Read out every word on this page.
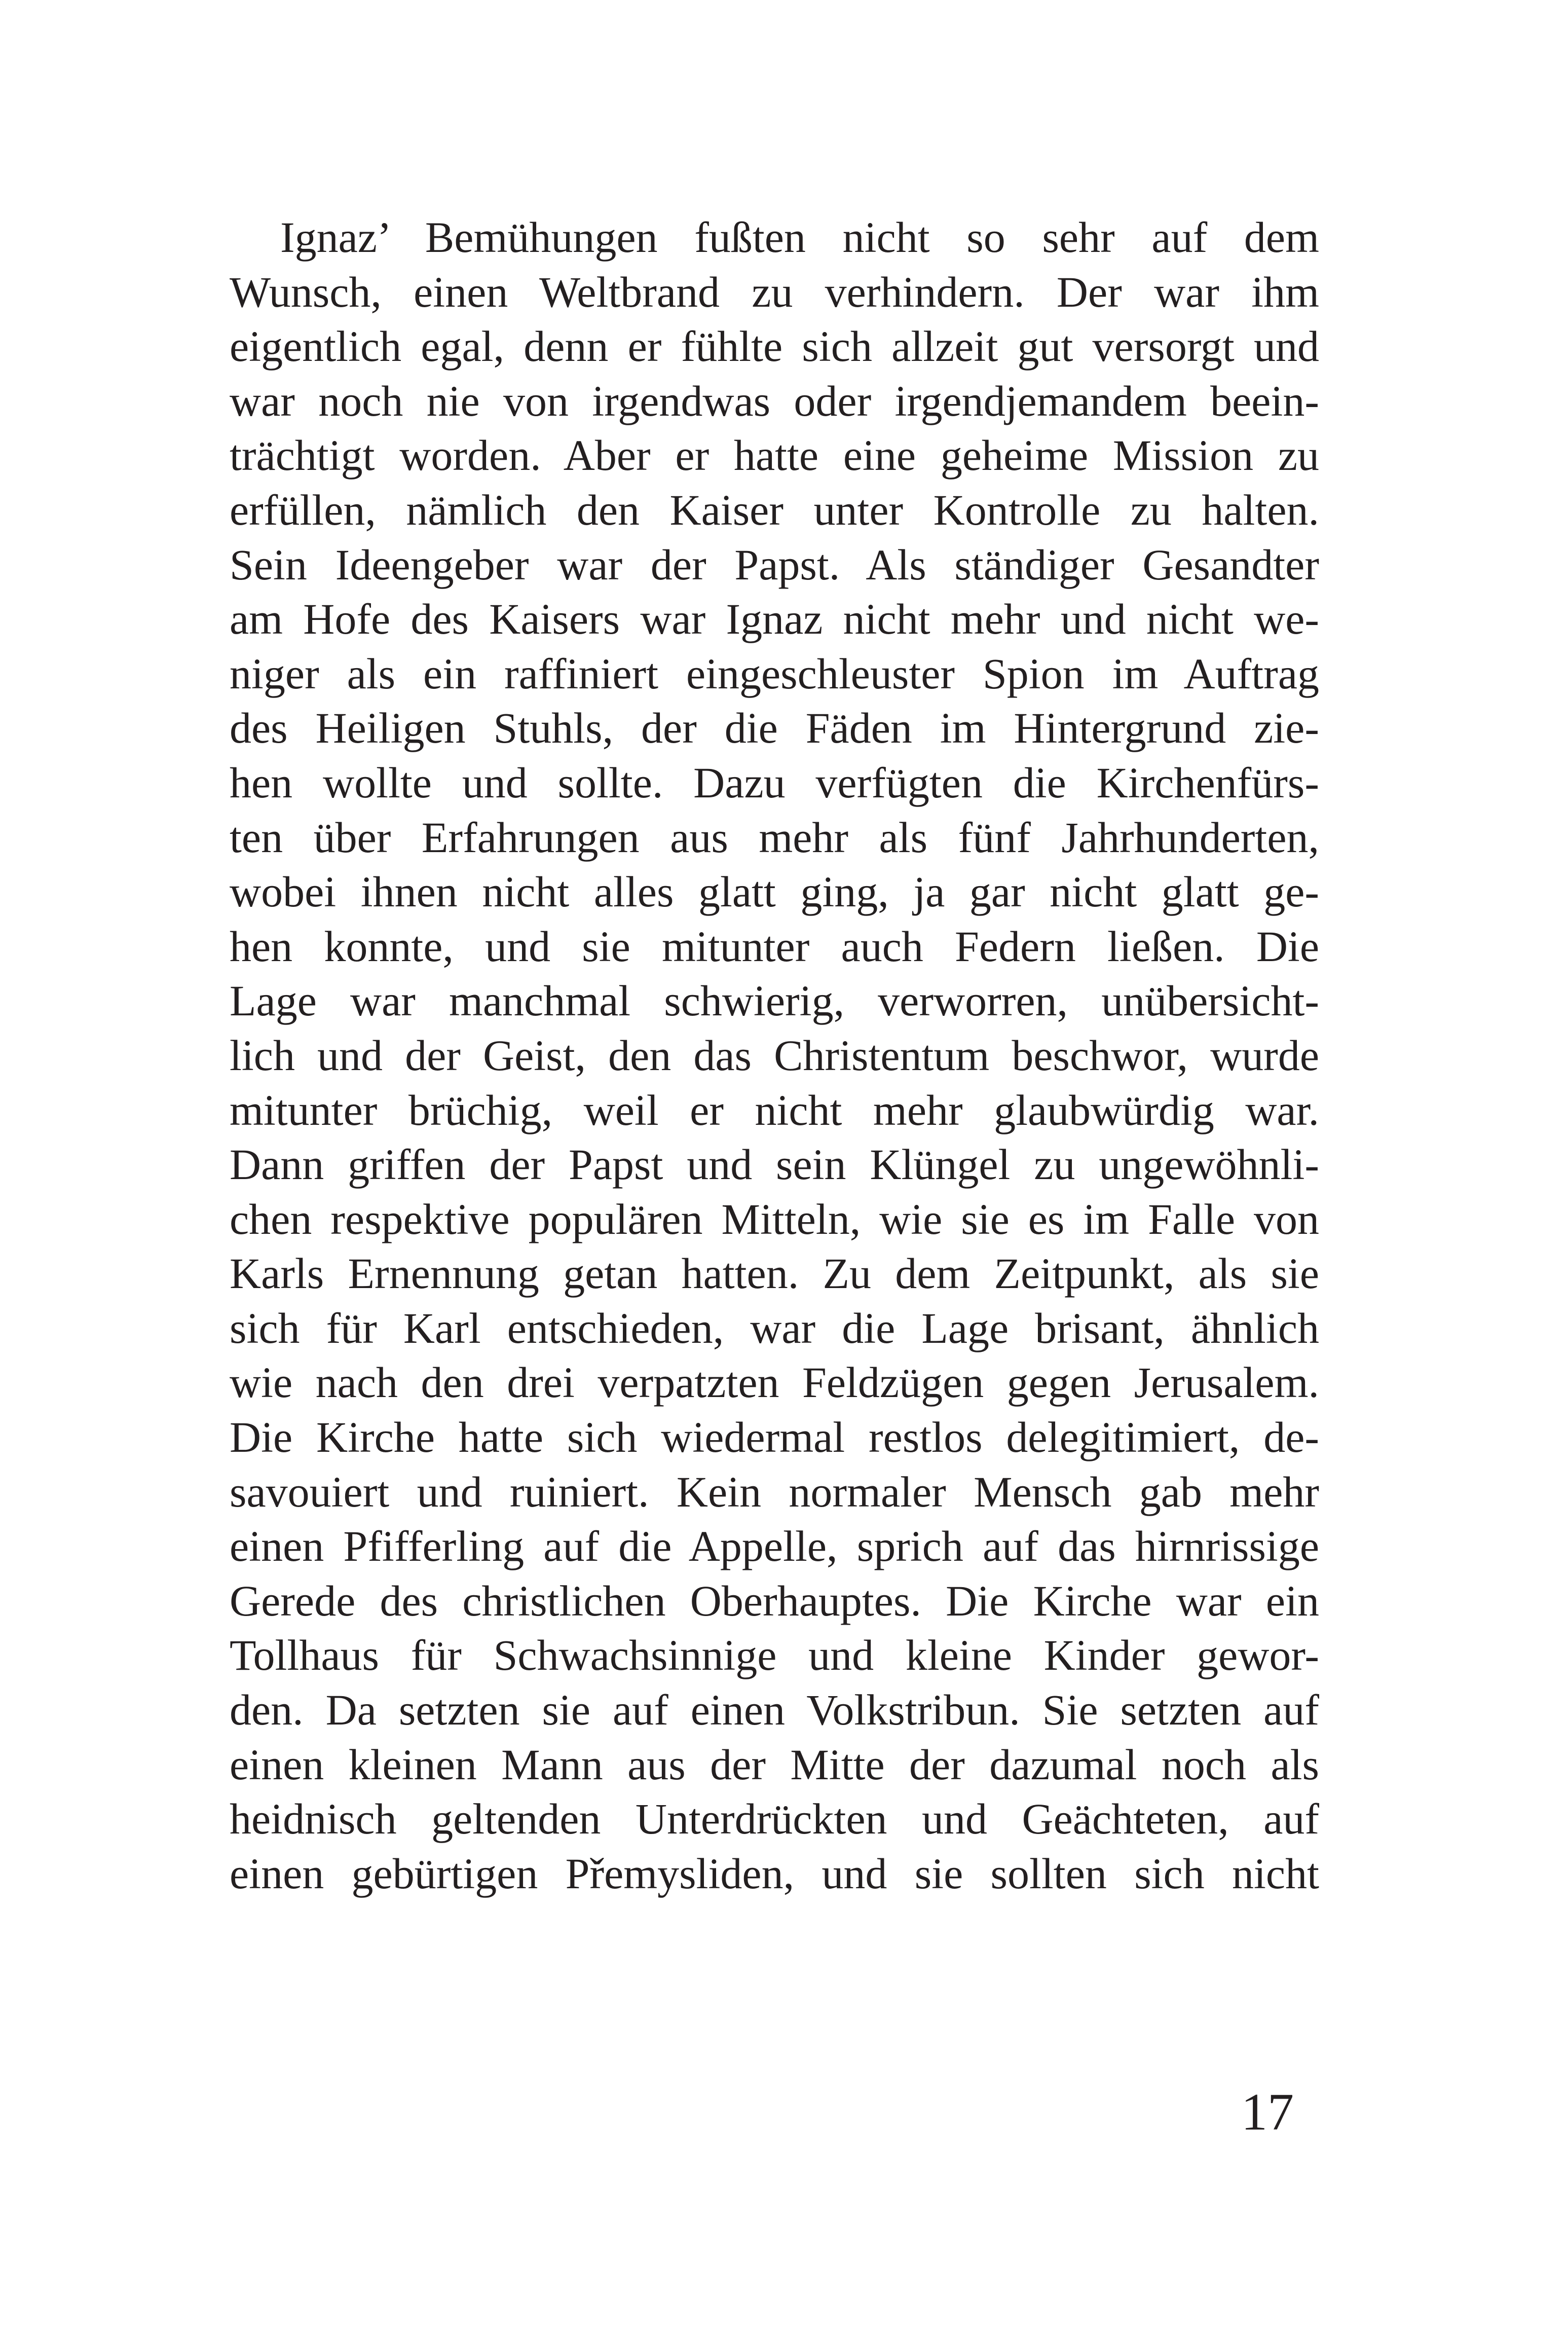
Ignaz’ Bemühungen fußten nicht so sehr auf dem
Wunsch, einen Weltbrand zu verhindern. Der war ihm
eigentlich egal, denn er fühlte sich allzeit gut versorgt und
war noch nie von irgendwas oder irgendjemandem beein-
trächtigt worden. Aber er hatte eine geheime Mission zu
erfüllen, nämlich den Kaiser unter Kontrolle zu halten.
Sein Ideengeber war der Papst. Als ständiger Gesandter
am Hofe des Kaisers war Ignaz nicht mehr und nicht we-
niger als ein raffiniert eingeschleuster Spion im Auftrag
des Heiligen Stuhls, der die Fäden im Hintergrund zie-
hen wollte und sollte. Dazu verfügten die Kirchenfürs-
ten über Erfahrungen aus mehr als fünf Jahrhunderten,
wobei ihnen nicht alles glatt ging, ja gar nicht glatt ge-
hen konnte, und sie mitunter auch Federn ließen. Die
Lage war manchmal schwierig, verworren, unübersicht-
lich und der Geist, den das Christentum beschwor, wurde
mitunter brüchig, weil er nicht mehr glaubwürdig war.
Dann griffen der Papst und sein Klüngel zu ungewöhnli-
chen respektive populären Mitteln, wie sie es im Falle von
Karls Ernennung getan hatten. Zu dem Zeitpunkt, als sie
sich für Karl entschieden, war die Lage brisant, ähnlich
wie nach den drei verpatzten Feldzügen gegen Jerusalem.
Die Kirche hatte sich wiedermal restlos delegitimiert, de-
savouiert und ruiniert. Kein normaler Mensch gab mehr
einen Pfifferling auf die Appelle, sprich auf das hirnrissige
Gerede des christlichen Oberhauptes. Die Kirche war ein
Tollhaus für Schwachsinnige und kleine Kinder gewor-
den. Da setzten sie auf einen Volkstribun. Sie setzten auf
einen kleinen Mann aus der Mitte der dazumal noch als
heidnisch geltenden Unterdrückten und Geächteten, auf
einen gebürtigen Přemysliden, und sie sollten sich nicht
17
